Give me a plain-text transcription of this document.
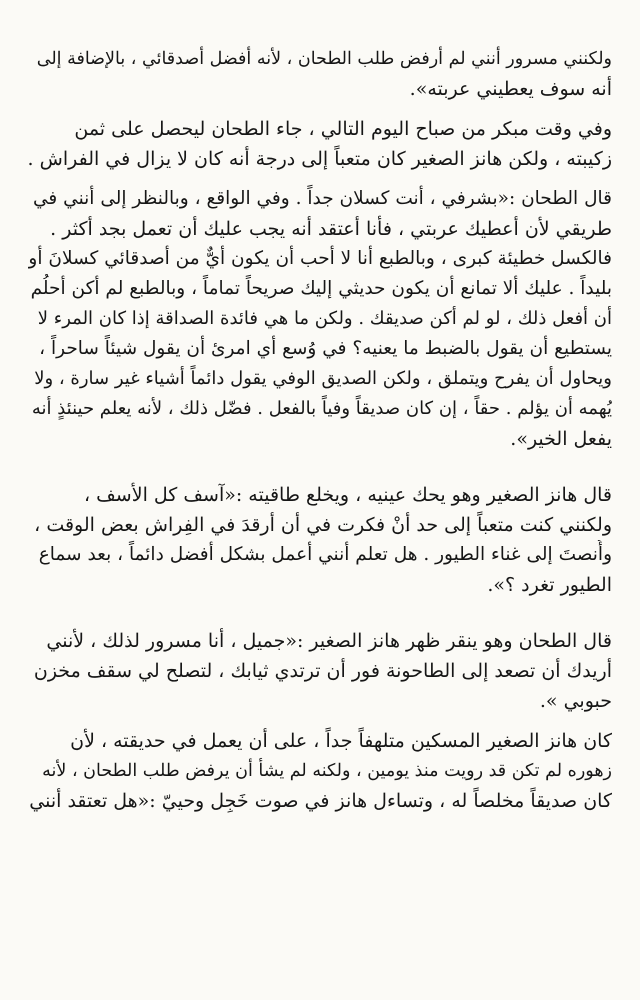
ولكنني مسرور أنني لم أرفض طلب الطحان ، لأنه أفضل أصدقائي ، بالإضافة إلى
أنه سوف يعطيني عربته».
وفي وقت مبكر من صباح اليوم التالي ، جاء الطحان ليحصل على ثمن
زكيبته ، ولكن هانز الصغير كان متعباً إلى درجة أنه كان لا يزال في الفراش .
قال الطحان :«بشرفي ، أنت كسلان جداً . وفي الواقع ، وبالنظر إلى أنني في
طريقي لأن أعطيك عربتي ، فأنا أعتقد أنه يجب عليك أن تعمل بجد أكثر .
فالكسل خطيئة كبرى ، وبالطبع أنا لا أحب أن يكون أيٌّ من أصدقائي كسلانَ أو
بليداً . عليك ألا تمانع أن يكون حديثي إليك صريحاً تماماً ، وبالطبع لم أكن أحلُم
أن أفعل ذلك ، لو لم أكن صديقك . ولكن ما هي فائدة الصداقة إذا كان المرء لا
يستطيع أن يقول بالضبط ما يعنيه؟ في وُسع أي امرئ أن يقول شيئاً ساحراً ،
ويحاول أن يفرح ويتملق ، ولكن الصديق الوفي يقول دائماً أشياء غير سارة ، ولا
يُهمه أن يؤلم . حقاً ، إن كان صديقاً وفياً بالفعل . فضّل ذلك ، لأنه يعلم حينئذٍ أنه
يفعل الخير».
قال هانز الصغير وهو يحك عينيه ، ويخلع طاقيته :«آسف كل الأسف ،
ولكنني كنت متعباً إلى حد أنْ فكرت في أن أرقدَ في الفِراش بعض الوقت ،
وأُنصتَ إلى غناء الطيور . هل تعلم أنني أعمل بشكل أفضل دائماً ، بعد سماع
الطيور تغرد ؟».
قال الطحان وهو ينقر ظهر هانز الصغير :«جميل ، أنا مسرور لذلك ، لأنني
أريدك أن تصعد إلى الطاحونة فور أن ترتدي ثيابك ، لتصلح لي سقف مخزن
حبوبي ».
كان هانز الصغير المسكين متلهفاً جداً ، على أن يعمل في حديقته ، لأن
زهوره لم تكن قد رويت منذ يومين ، ولكنه لم يشأ أن يرفض طلب الطحان ، لأنه
كان صديقاً مخلصاً له ، وتساءل هانز في صوت خَجِل وحييّ :«هل تعتقد أنني
